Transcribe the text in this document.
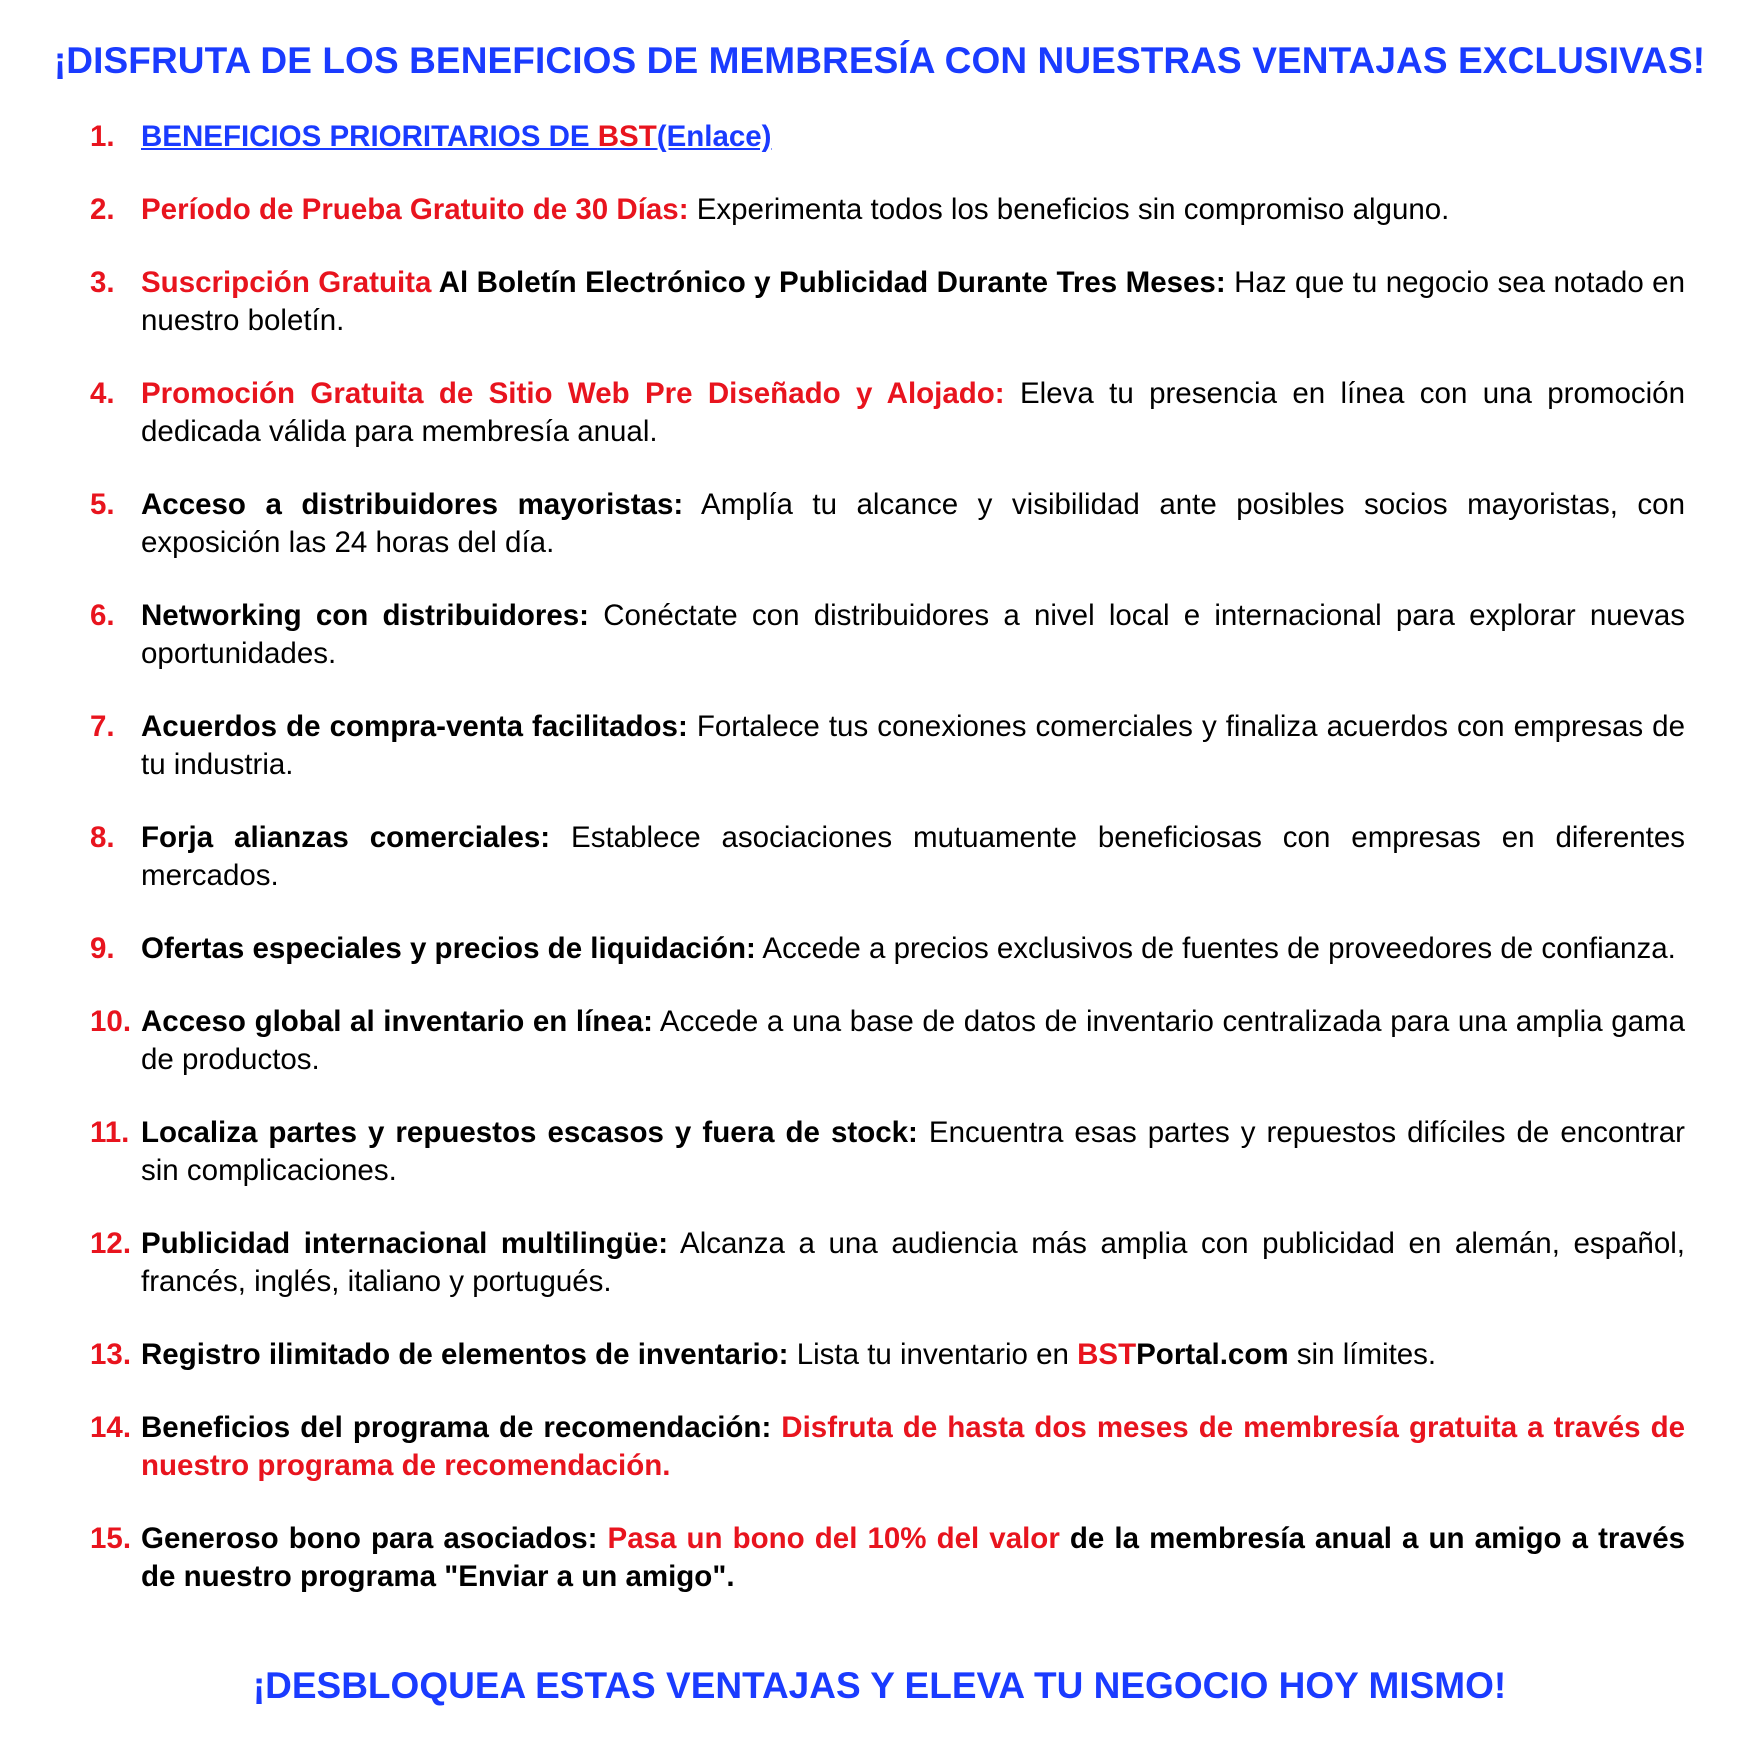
¡DISFRUTA DE LOS BENEFICIOS DE MEMBRESÍA CON NUESTRAS VENTAJAS EXCLUSIVAS!
1. BENEFICIOS PRIORITARIOS DE BST(Enlace)
2. Período de Prueba Gratuito de 30 Días: Experimenta todos los beneficios sin compromiso alguno.
3. Suscripción Gratuita Al Boletín Electrónico y Publicidad Durante Tres Meses: Haz que tu negocio sea notado en nuestro boletín.
4. Promoción Gratuita de Sitio Web Pre Diseñado y Alojado: Eleva tu presencia en línea con una promoción dedicada válida para membresía anual.
5. Acceso a distribuidores mayoristas: Amplía tu alcance y visibilidad ante posibles socios mayoristas, con exposición las 24 horas del día.
6. Networking con distribuidores: Conéctate con distribuidores a nivel local e internacional para explorar nuevas oportunidades.
7. Acuerdos de compra-venta facilitados: Fortalece tus conexiones comerciales y finaliza acuerdos con empresas de tu industria.
8. Forja alianzas comerciales: Establece asociaciones mutuamente beneficiosas con empresas en diferentes mercados.
9. Ofertas especiales y precios de liquidación: Accede a precios exclusivos de fuentes de proveedores de confianza.
10. Acceso global al inventario en línea: Accede a una base de datos de inventario centralizada para una amplia gama de productos.
11. Localiza partes y repuestos escasos y fuera de stock: Encuentra esas partes y repuestos difíciles de encontrar sin complicaciones.
12. Publicidad internacional multilingüe: Alcanza a una audiencia más amplia con publicidad en alemán, español, francés, inglés, italiano y portugués.
13. Registro ilimitado de elementos de inventario: Lista tu inventario en BSTPortal.com sin límites.
14. Beneficios del programa de recomendación: Disfruta de hasta dos meses de membresía gratuita a través de nuestro programa de recomendación.
15. Generoso bono para asociados: Pasa un bono del 10% del valor de la membresía anual a un amigo a través de nuestro programa "Enviar a un amigo".
¡DESBLOQUEA ESTAS VENTAJAS Y ELEVA TU NEGOCIO HOY MISMO!
